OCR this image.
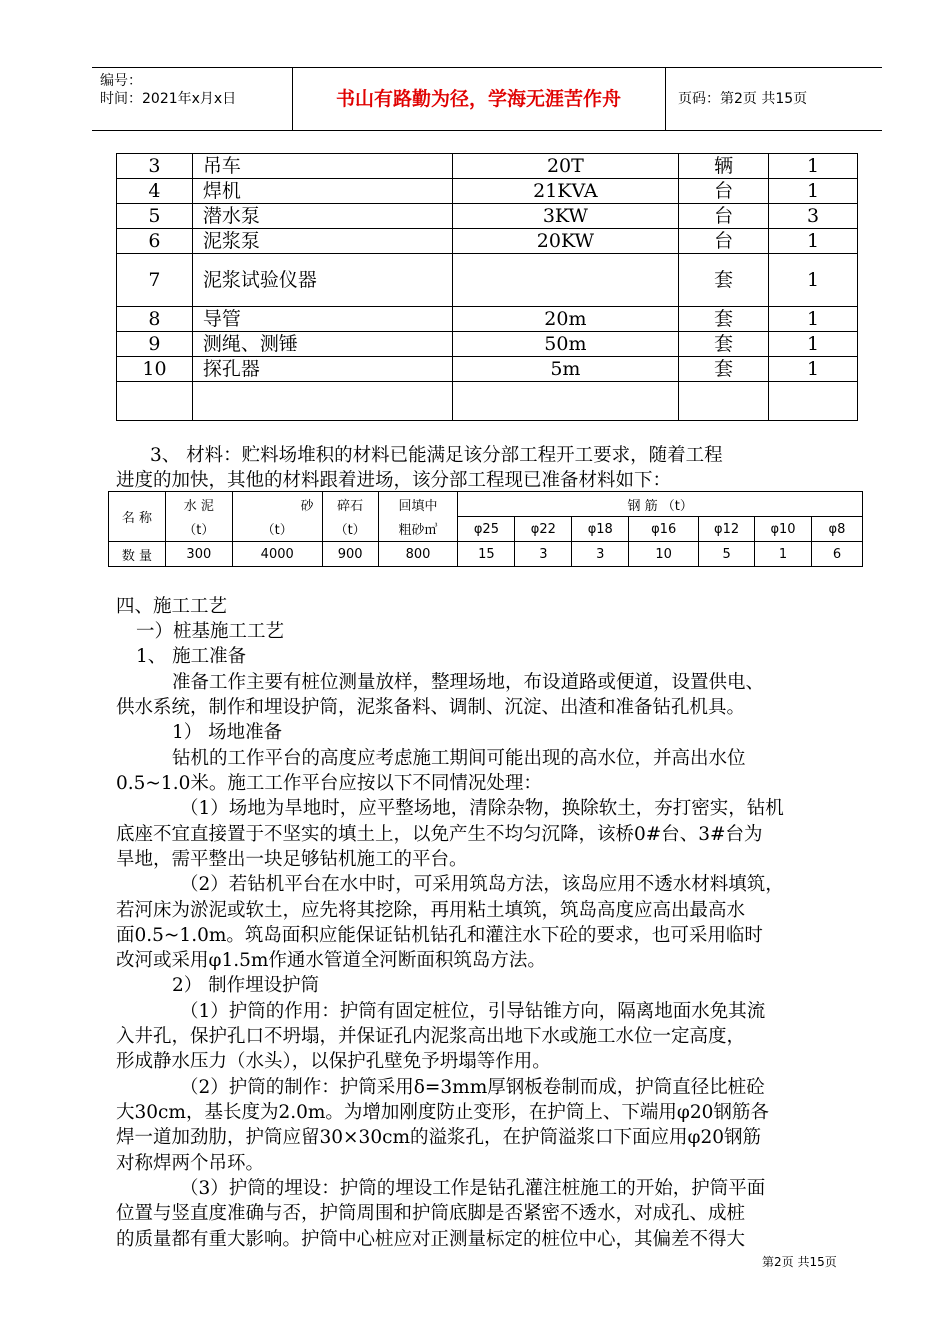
编号：
时间：2021年x月x日	书山有路勤为径，学海无涯苦作舟	页码：第2页 共15页
3	吊车	20T	辆	1
4	焊机	21KVA	台	1
5	潜水泵	3KW	台	3
6	泥浆泵	20KW	台	1
7	泥浆试验仪器		套	1
8	导管	20m	套	1
9	测绳、测锤	50m	套	1
10	探孔器	5m	套	1

3、 材料：贮料场堆积的材料已能满足该分部工程开工要求，随着工程
进度的加快，其他的材料跟着进场，该分部工程现已准备材料如下：
名 称	水 泥	砂	碎石	回填中	钢 筋 （t）						
	（t）	（t）	（t）	粗砂㎥	φ25	φ22	φ18	φ16	φ12	φ10	φ8
数 量	300	4000	900	800	15	3	3	10	5	1	6
四、施工工艺
一）桩基施工工艺
1、 施工准备
准备工作主要有桩位测量放样，整理场地，布设道路或便道，设置供电、
供水系统，制作和埋设护筒，泥浆备料、调制、沉淀、出渣和准备钻孔机具。
1） 场地准备
钻机的工作平台的高度应考虑施工期间可能出现的高水位，并高出水位
0.5~1.0米。施工工作平台应按以下不同情况处理：
（1）场地为旱地时，应平整场地，清除杂物，换除软土，夯打密实，钻机
底座不宜直接置于不坚实的填土上，以免产生不均匀沉降，该桥0#台、3#台为
旱地，需平整出一块足够钻机施工的平台。
（2）若钻机平台在水中时，可采用筑岛方法，该岛应用不透水材料填筑，
若河床为淤泥或软土，应先将其挖除，再用粘土填筑，筑岛高度应高出最高水
面0.5~1.0m。筑岛面积应能保证钻机钻孔和灌注水下砼的要求，也可采用临时
改河或采用φ1.5m作通水管道全河断面积筑岛方法。
2） 制作埋设护筒
（1）护筒的作用：护筒有固定桩位，引导钻锥方向，隔离地面水免其流
入井孔，保护孔口不坍塌，并保证孔内泥浆高出地下水或施工水位一定高度，
形成静水压力（水头），以保护孔壁免予坍塌等作用。
（2）护筒的制作：护筒采用δ=3mm厚钢板卷制而成，护筒直径比桩砼
大30cm，基长度为2.0m。为增加刚度防止变形，在护筒上、下端用φ20钢筋各
焊一道加劲肋，护筒应留30×30cm的溢浆孔，在护筒溢浆口下面应用φ20钢筋
对称焊两个吊环。
（3）护筒的埋设：护筒的埋设工作是钻孔灌注桩施工的开始，护筒平面
位置与竖直度准确与否，护筒周围和护筒底脚是否紧密不透水，对成孔、成桩
的质量都有重大影响。护筒中心桩应对正测量标定的桩位中心，其偏差不得大
第2页 共15页
